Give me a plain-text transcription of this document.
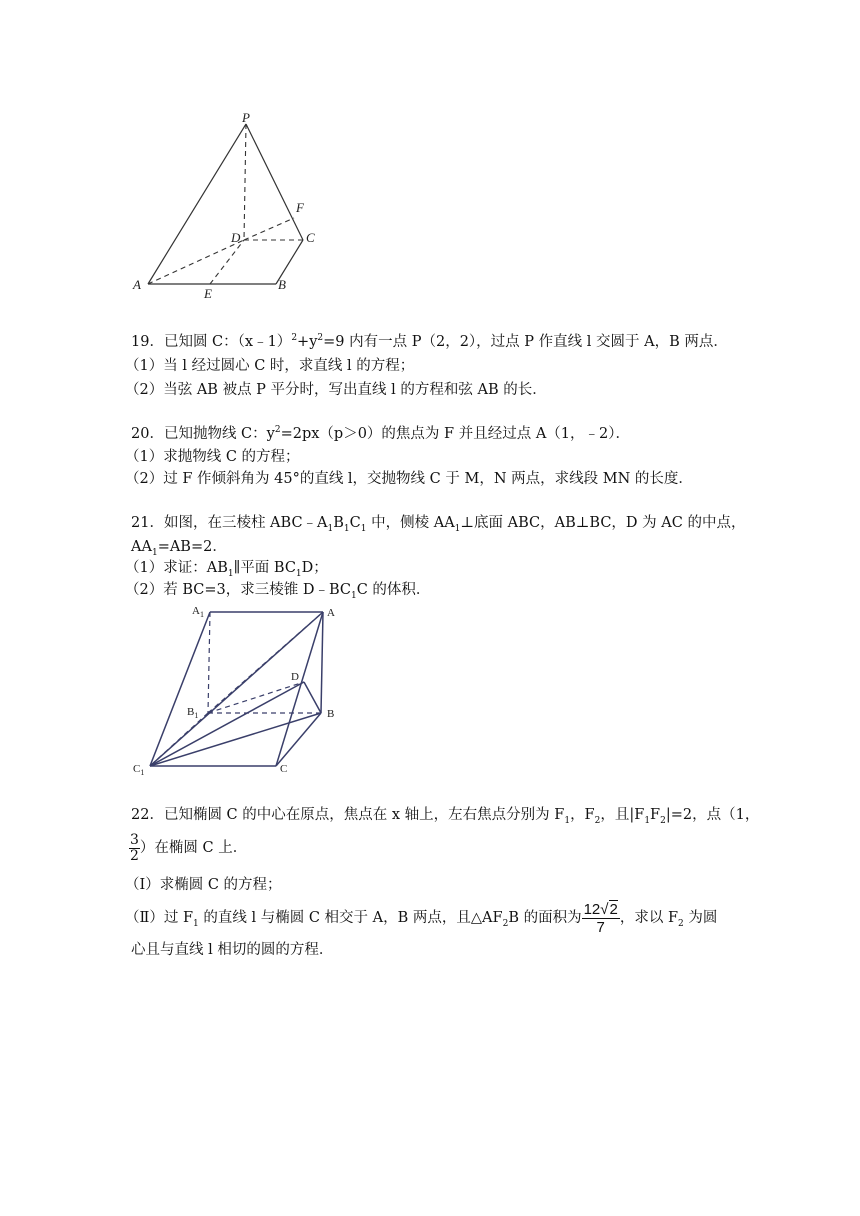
P
F
D	C
A
E
B
19．已知圆 C：$(x﹣1)^2+y^2=9$ 内有一点 P（2，2），过点 P 作直线 l 交圆于 A，B 两点．
（1）当 l 经过圆心 C 时，求直线 l 的方程；
（2）当弦 AB 被点 P 平分时，写出直线 l 的方程和弦 AB 的长．
20．已知抛物线 C：$y^2=2px(p>0)$的焦点为 F 并且经过点 A（1，﹣2）．
（1）求抛物线 C 的方程；
（2）过 F 作倾斜角为 45°的直线 l，交抛物线 C 于 M，N 两点，求线段 MN 的长度．
21．如图，在三棱柱 $ABC﹣A_1B_1C_1$ 中，侧棱 $AA_1\perp$底面 ABC，AB⊥BC，D 为 AC 的中点，
$AA_1=AB=2$．
（1）求证：$AB_1\parallel$平面 $BC_1D$；
（2）若 BC=3，求三棱锥 $D﹣BC_1C$ 的体积．
$A_1$	A
D
$B_1$	B
$C_1$	C
22．已知椭圆 C 的中心在原点，焦点在 x 轴上，左右焦点分别为 $F_1$，$F_2$，且$|F_1F_2|=2$，点（1，
$\frac{3}{2}$ ）在椭圆 C 上．
（Ⅰ）求椭圆 C 的方程；
（Ⅱ）过 $F_1$ 的直线 l 与椭圆 C 相交于 A，B 两点，且$\triangle AF_2B$ 的面积为 $\frac{12√2}{7}$ ，求以 $F_2$ 为圆
心且与直线 l 相切的圆的方程．
